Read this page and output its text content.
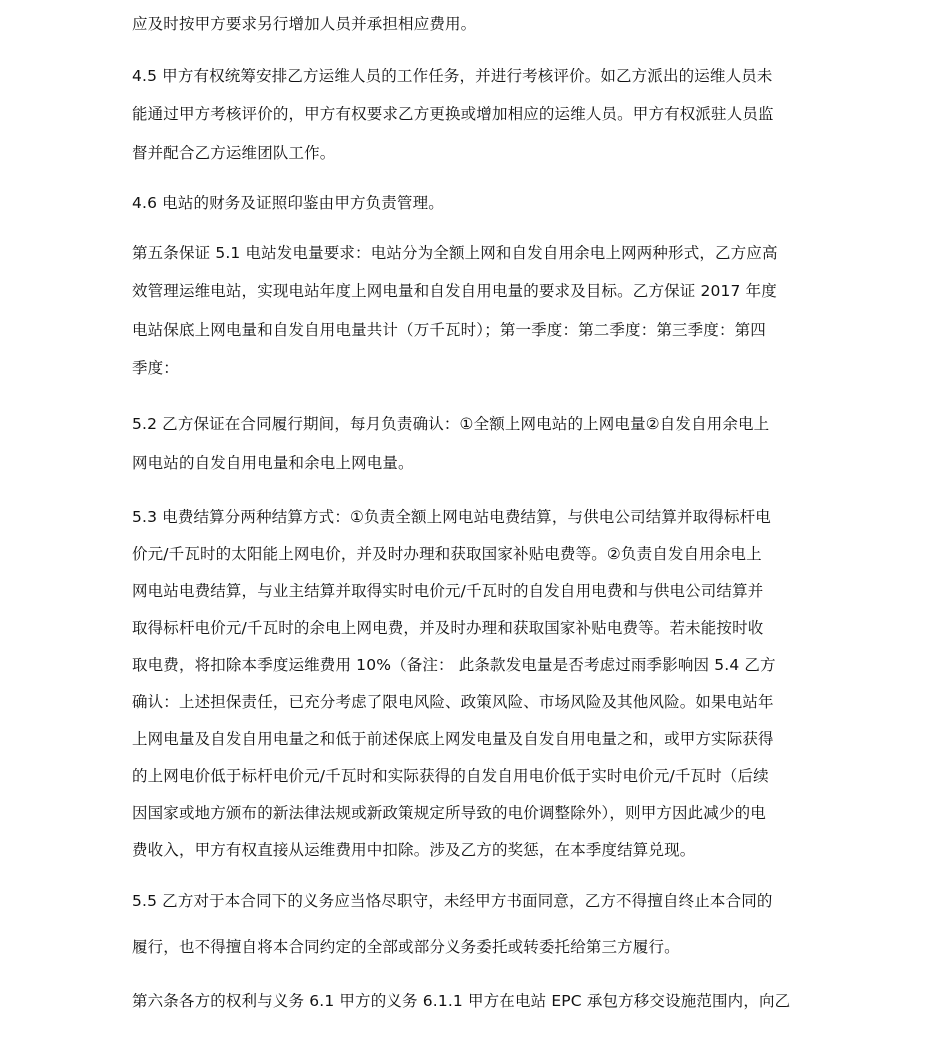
应及时按甲方要求另行增加人员并承担相应费用。

4.5 甲方有权统筹安排乙方运维人员的工作任务，并进行考核评价。如乙方派出的运维人员未

能通过甲方考核评价的，甲方有权要求乙方更换或增加相应的运维人员。甲方有权派驻人员监

督并配合乙方运维团队工作。

4.6 电站的财务及证照印鉴由甲方负责管理。

第五条保证 5.1 电站发电量要求：电站分为全额上网和自发自用余电上网两种形式，乙方应高

效管理运维电站，实现电站年度上网电量和自发自用电量的要求及目标。乙方保证 2017 年度

电站保底上网电量和自发自用电量共计（万千瓦时）；第一季度：第二季度：第三季度：第四

季度：

5.2 乙方保证在合同履行期间，每月负责确认：①全额上网电站的上网电量②自发自用余电上

网电站的自发自用电量和余电上网电量。

5.3 电费结算分两种结算方式：①负责全额上网电站电费结算，与供电公司结算并取得标杆电

价元/千瓦时的太阳能上网电价，并及时办理和获取国家补贴电费等。②负责自发自用余电上

网电站电费结算，与业主结算并取得实时电价元/千瓦时的自发自用电费和与供电公司结算并

取得标杆电价元/千瓦时的余电上网电费，并及时办理和获取国家补贴电费等。若未能按时收

取电费，将扣除本季度运维费用 10%（备注： 此条款发电量是否考虑过雨季影响因 5.4 乙方

确认：上述担保责任，已充分考虑了限电风险、政策风险、市场风险及其他风险。如果电站年

上网电量及自发自用电量之和低于前述保底上网发电量及自发自用电量之和，或甲方实际获得

的上网电价低于标杆电价元/千瓦时和实际获得的自发自用电价低于实时电价元/千瓦时（后续

因国家或地方颁布的新法律法规或新政策规定所导致的电价调整除外），则甲方因此减少的电

费收入，甲方有权直接从运维费用中扣除。涉及乙方的奖惩，在本季度结算兑现。

5.5 乙方对于本合同下的义务应当恪尽职守，未经甲方书面同意，乙方不得擅自终止本合同的

履行，也不得擅自将本合同约定的全部或部分义务委托或转委托给第三方履行。

第六条各方的权利与义务 6.1 甲方的义务 6.1.1 甲方在电站 EPC 承包方移交设施范围内，向乙
